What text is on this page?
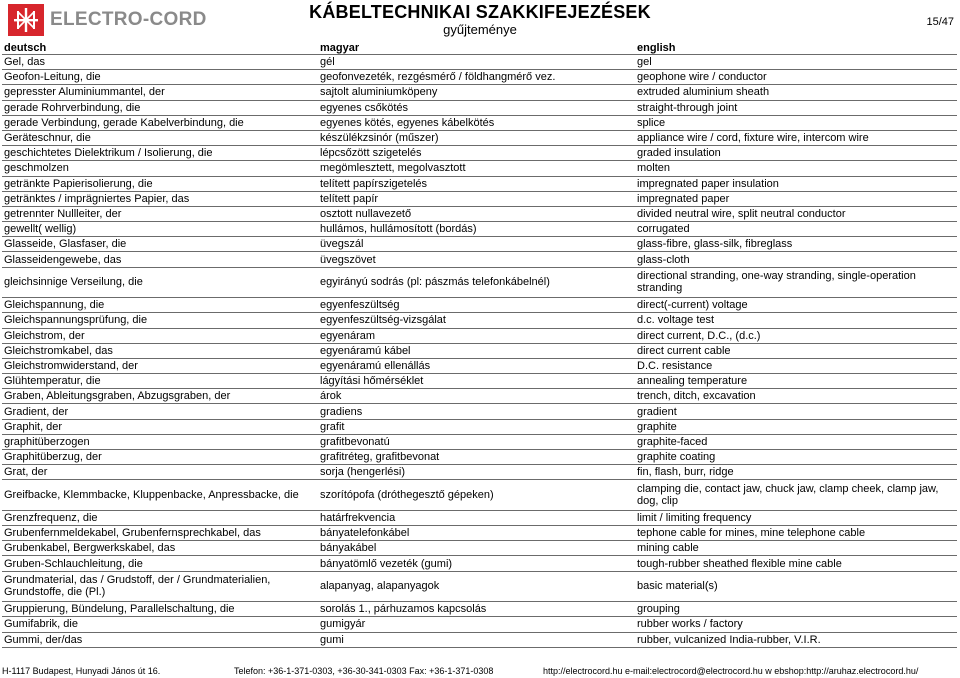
ELECTRO-CORD	KÁBELTECHNIKAI SZAKKIFEJEZÉSEK
gyűjteménye	15/47
deutsch	magyar	english
Gel, das	gél	gel
Geofon-Leitung, die	geofonvezeték, rezgésmérő / földhangmérő vez.	geophone wire / conductor
gepresster Aluminiummantel, der	sajtolt aluminiumköpeny	extruded aluminium sheath
gerade Rohrverbindung, die	egyenes csőkötés	straight-through joint
gerade Verbindung, gerade Kabelverbindung, die	egyenes kötés, egyenes kábelkötés	splice
Geräteschnur, die	készülékzsinór (műszer)	appliance wire / cord, fixture wire, intercom wire
geschichtetes Dielektrikum / Isolierung, die	lépcsőzött szigetelés	graded insulation
geschmolzen	megömlesztett, megolvasztott	molten
getränkte Papierisolierung, die	telített papírszigetelés	impregnated paper insulation
getränktes / imprägniertes Papier, das	telített papír	impregnated paper
getrennter Nullleiter, der	osztott nullavezető	divided neutral wire, split neutral conductor
gewellt( wellig)	hullámos, hullámosított (bordás)	corrugated
Glasseide, Glasfaser, die	üvegszál	glass-fibre, glass-silk, fibreglass
Glasseidengewebe, das	üvegszövet	glass-cloth
gleichsinnige Verseilung, die	egyirányú sodrás (pl: pászmás telefonkábelnél)	directional stranding, one-way stranding, single-operation stranding
Gleichspannung, die	egyenfeszültség	direct(-current) voltage
Gleichspannungsprüfung, die	egyenfeszültség-vizsgálat	d.c. voltage test
Gleichstrom, der	egyenáram	direct current, D.C., (d.c.)
Gleichstromkabel, das	egyenáramú kábel	direct current cable
Gleichstromwiderstand, der	egyenáramú ellenállás	D.C. resistance
Glühtemperatur, die	lágyítási hőmérséklet	annealing temperature
Graben, Ableitungsgraben, Abzugsgraben, der	árok	trench, ditch, excavation
Gradient, der	gradiens	gradient
Graphit, der	grafit	graphite
graphitüberzogen	grafitbevonatú	graphite-faced
Graphitüberzug, der	grafitréteg, grafitbevonat	graphite coating
Grat, der	sorja (hengerlési)	fin, flash, burr, ridge
Greifbacke, Klemmbacke, Kluppenbacke, Anpressbacke, die	szorítópofa (dróthegesztő gépeken)	clamping die, contact jaw, chuck jaw, clamp cheek, clamp jaw, dog, clip
Grenzfrequenz, die	határfrekvencia	limit / limiting frequency
Grubenfernmeldekabel, Grubenfernsprechkabel, das	bányatelefonkábel	tephone cable for mines, mine telephone cable
Grubenkabel, Bergwerkskabel, das	bányakábel	mining cable
Gruben-Schlauchleitung, die	bányatömlő vezeték (gumi)	tough-rubber sheathed flexible mine cable
Grundmaterial, das / Grudstoff, der / Grundmaterialien, Grundstoffe, die (Pl.)	alapanyag, alapanyagok	basic material(s)
Gruppierung, Bündelung, Parallelschaltung, die	sorolás 1., párhuzamos kapcsolás	grouping
Gumifabrik, die	gumigyár	rubber works / factory
Gummi, der/das	gumi	rubber, vulcanized India-rubber, V.I.R.
H-1117 Budapest, Hunyadi János út 16.	Telefon: +36-1-371-0303, +36-30-341-0303 Fax: +36-1-371-0308	http://electrocord.hu e-mail:electrocord@electrocord.hu w ebshop:http://aruhaz.electrocord.hu/
